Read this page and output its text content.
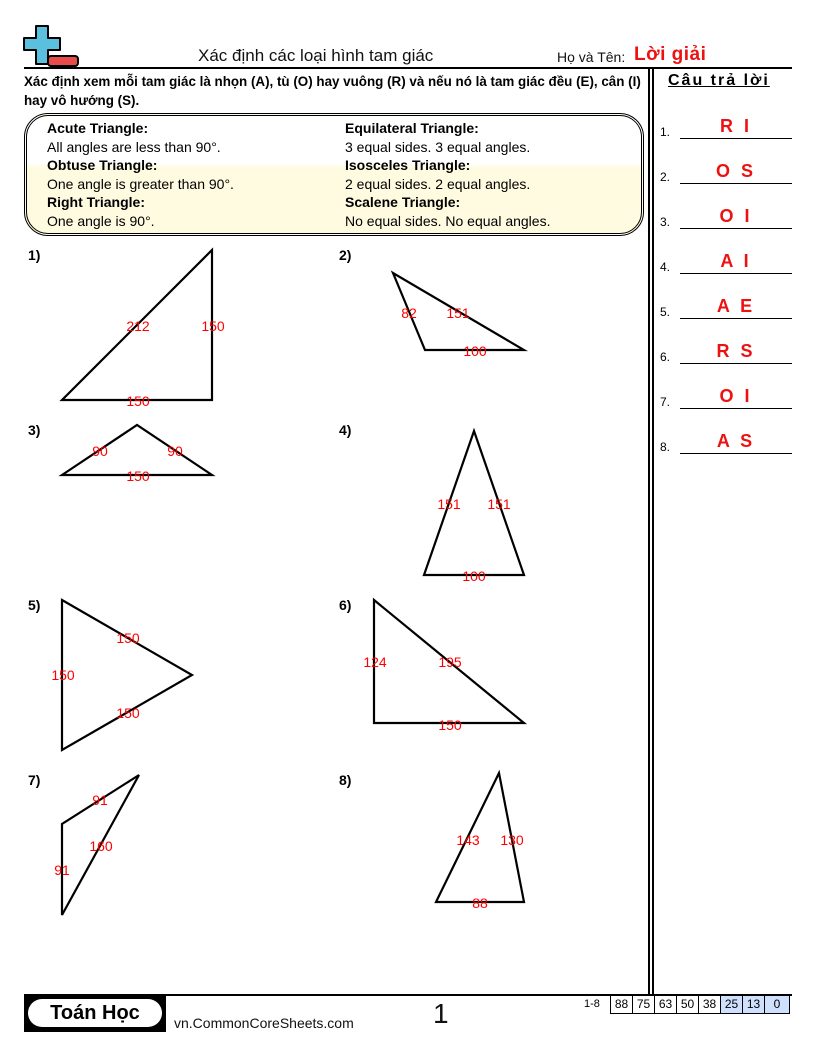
Xác định các loại hình tam giác	Họ và Tên: Lời giải
Xác định xem mỗi tam giác là nhọn (A), tù (O) hay vuông (R) và nếu nó là tam giác đều (E), cân (I) hay vô hướng (S).
Acute Triangle:
All angles are less than 90°.
Obtuse Triangle:
One angle is greater than 90°.
Right Triangle:
One angle is 90°.
Equilateral Triangle:
3 equal sides. 3 equal angles.
Isosceles Triangle:
2 equal sides. 2 equal angles.
Scalene Triangle:
No equal sides. No equal angles.
Câu trả lời
1.	R I
2.	O S
3.	O I
4.	A I
5.	A E
6.	R S
7.	O I
8.	A S
1)	2)
3)	4)
5)	6)
7)	8)
212	150
150
82 151
100
90	90
150
151 151
100
150
150
150
124	195
150
91
160
91
143 130
88
Toán Học	vn.CommonCoreSheets.com	1	1-8	88 75 63 50 38 25 13	0
